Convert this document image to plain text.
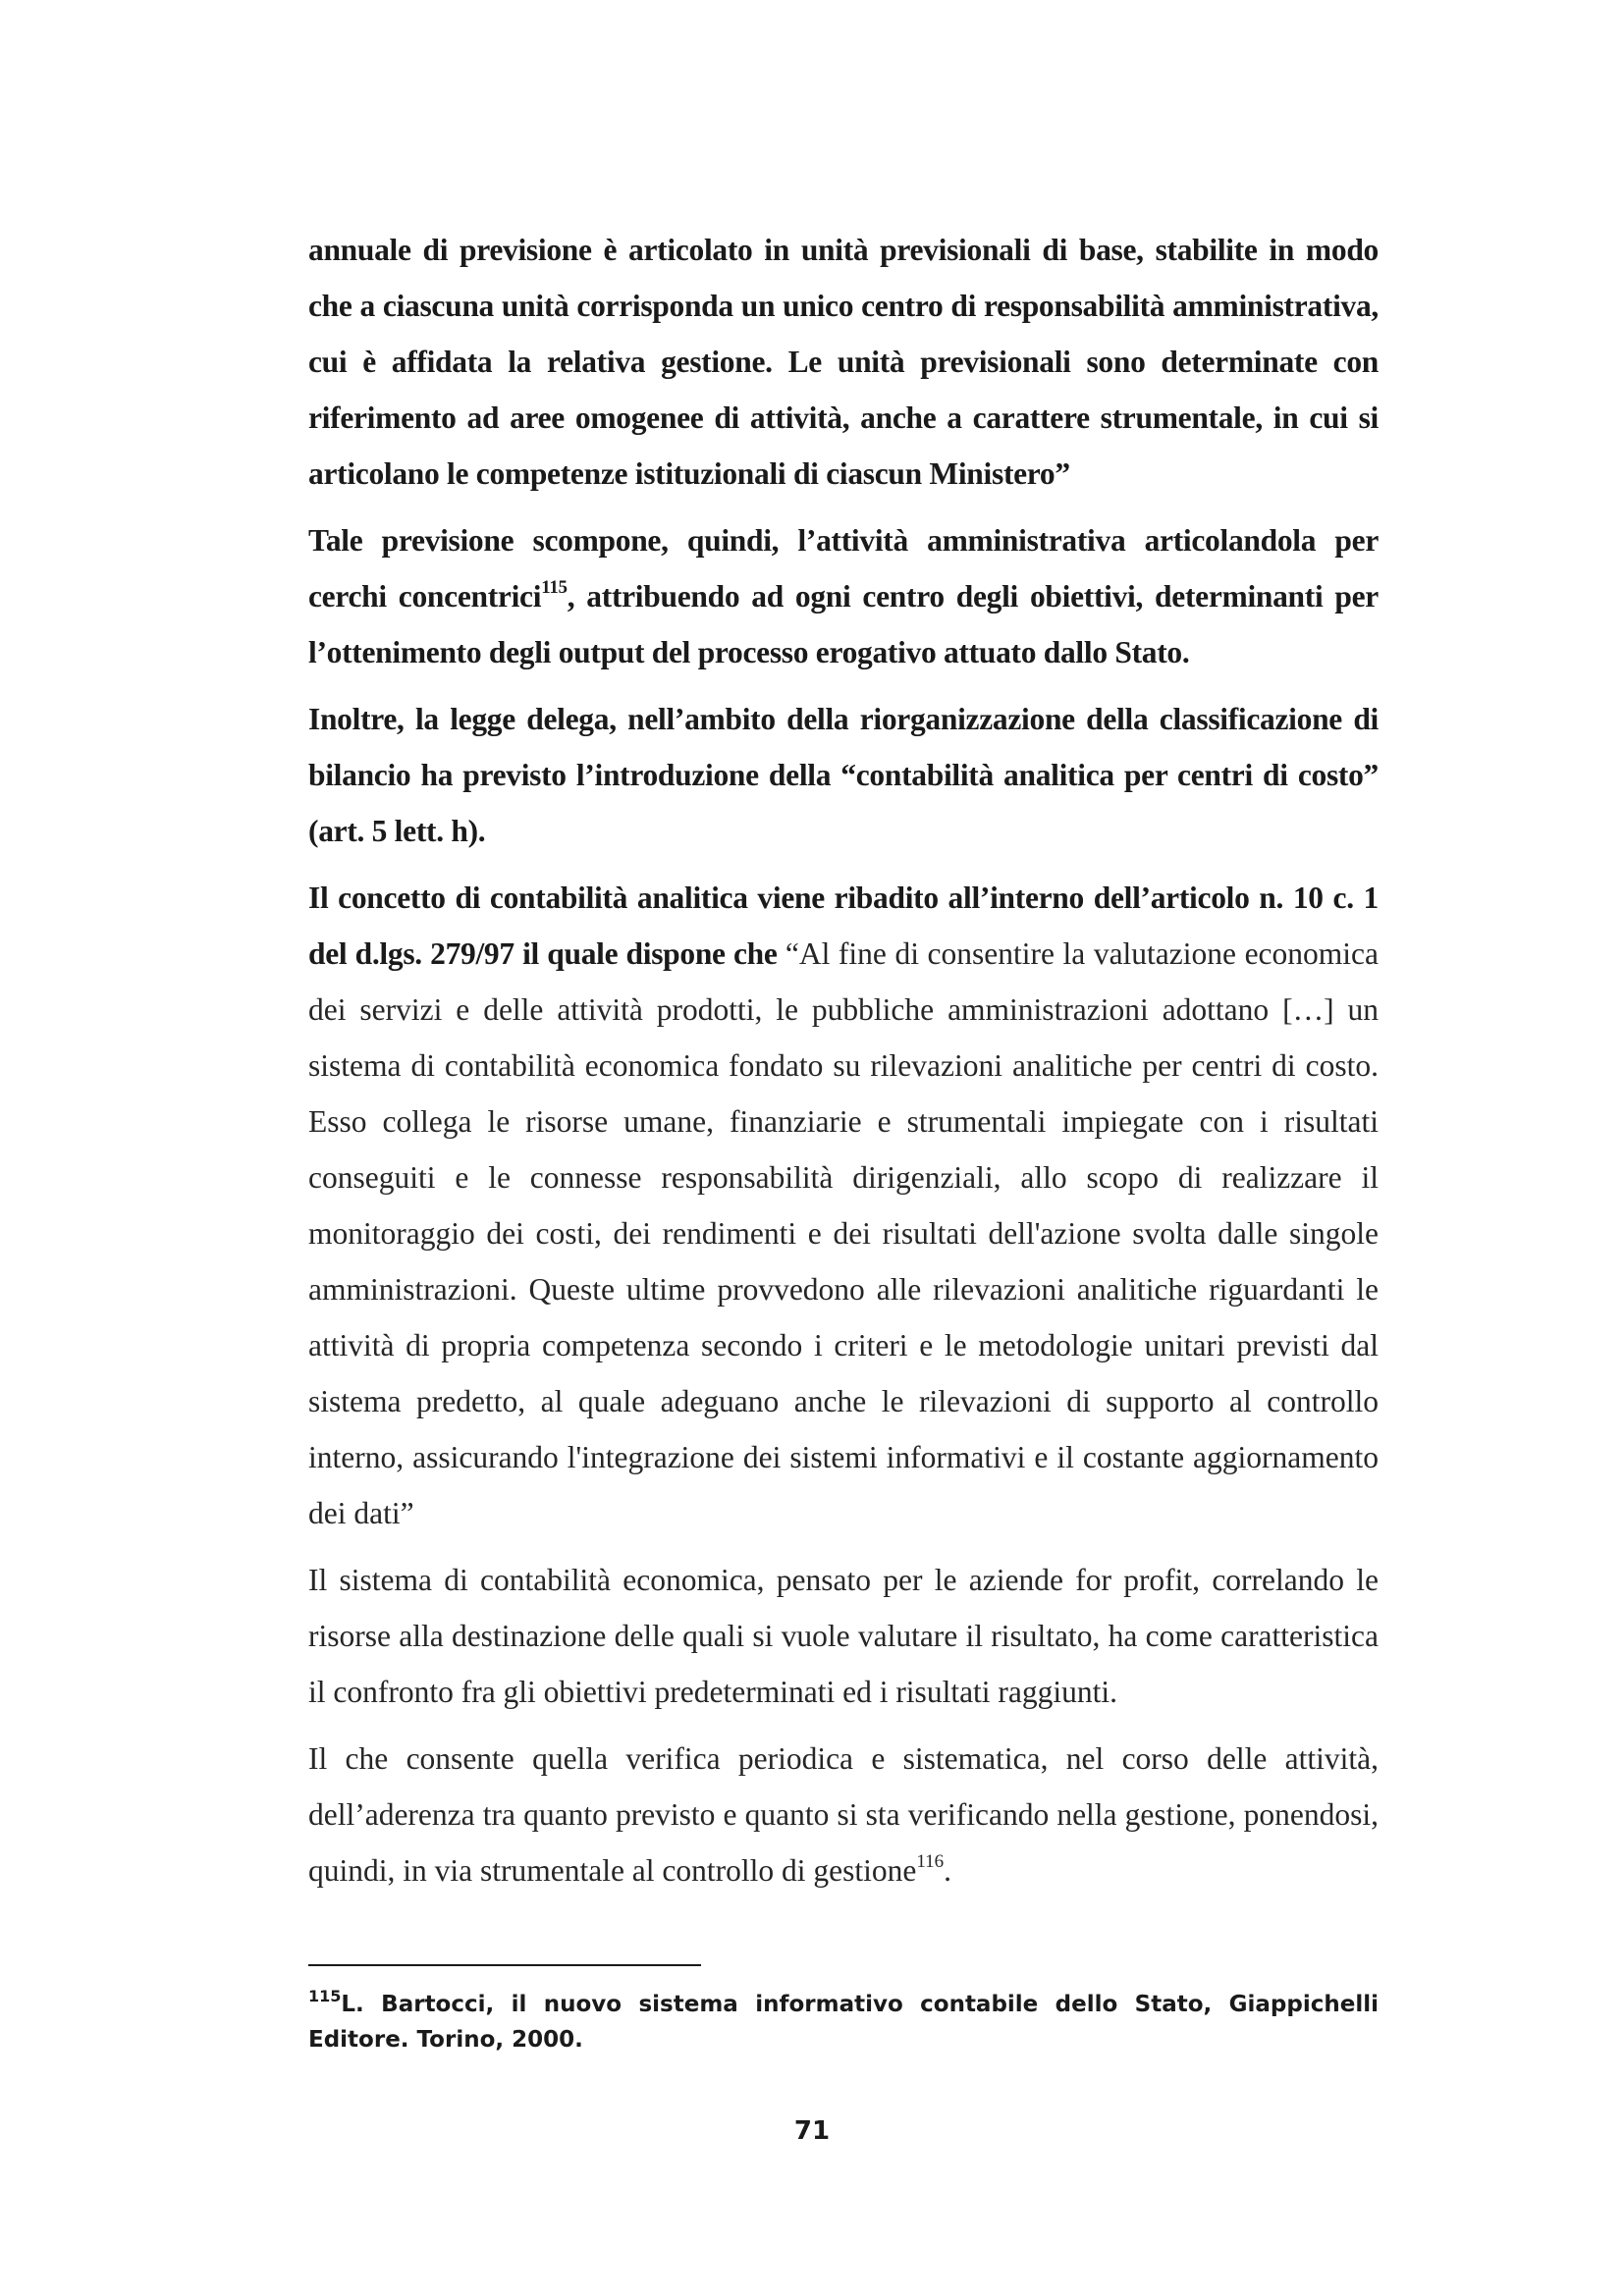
annuale di previsione è articolato in unità previsionali di base, stabilite in modo che a ciascuna unità corrisponda un unico centro di responsabilità amministrativa, cui è affidata la relativa gestione. Le unità previsionali sono determinate con riferimento ad aree omogenee di attività, anche a carattere strumentale, in cui si articolano le competenze istituzionali di ciascun Ministero”

Tale previsione scompone, quindi, l’attività amministrativa articolandola per cerchi concentrici$^{115}$, attribuendo ad ogni centro degli obiettivi, determinanti per l’ottenimento degli output del processo erogativo attuato dallo Stato.

Inoltre, la legge delega, nell’ambito della riorganizzazione della classificazione di bilancio ha previsto l’introduzione della “contabilità analitica per centri di costo” (art. 5 lett. h).

Il concetto di contabilità analitica viene ribadito all’interno dell’articolo n. 10 c. 1 del d.lgs. 279/97 il quale dispone che “Al fine di consentire la valutazione economica dei servizi e delle attività prodotti, le pubbliche amministrazioni adottano […] un sistema di contabilità economica fondato su rilevazioni analitiche per centri di costo. Esso collega le risorse umane, finanziarie e strumentali impiegate con i risultati conseguiti e le connesse responsabilità dirigenziali, allo scopo di realizzare il monitoraggio dei costi, dei rendimenti e dei risultati dell'azione svolta dalle singole amministrazioni. Queste ultime provvedono alle rilevazioni analitiche riguardanti le attività di propria competenza secondo i criteri e le metodologie unitari previsti dal sistema predetto, al quale adeguano anche le rilevazioni di supporto al controllo interno, assicurando l'integrazione dei sistemi informativi e il costante aggiornamento dei dati”

Il sistema di contabilità economica, pensato per le aziende for profit, correlando le risorse alla destinazione delle quali si vuole valutare il risultato, ha come caratteristica il confronto fra gli obiettivi predeterminati ed i risultati raggiunti.

Il che consente quella verifica periodica e sistematica, nel corso delle attività, dell’aderenza tra quanto previsto e quanto si sta verificando nella gestione, ponendosi, quindi, in via strumentale al controllo di gestione$^{116}$.

$^{115}$L. Bartocci, il nuovo sistema informativo contabile dello Stato, Giappichelli Editore. Torino, 2000.
71
